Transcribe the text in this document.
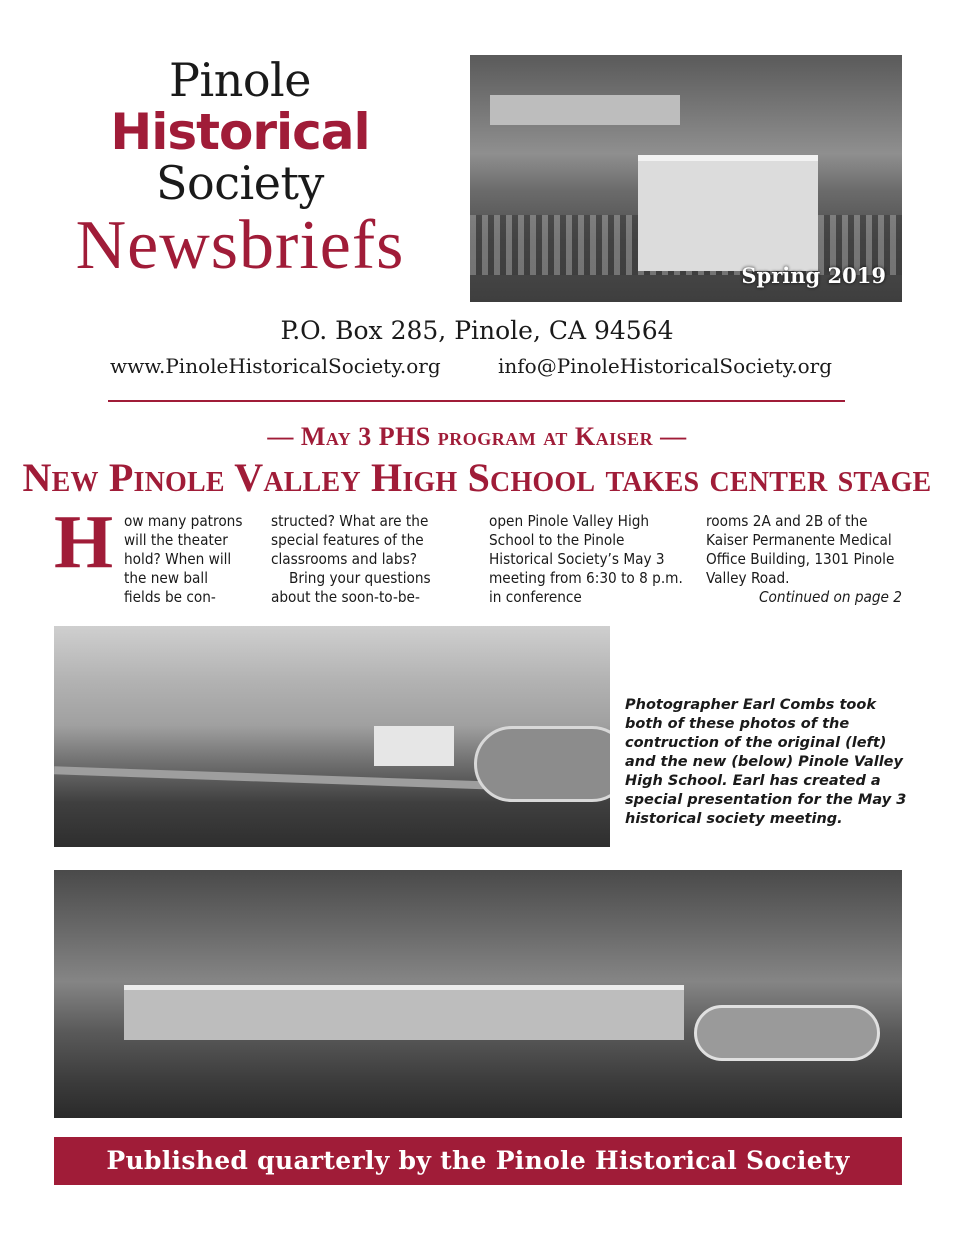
Pinole
Historical
Society
Newsbriefs	Spring 2019
P.O. Box 285, Pinole, CA 94564
www.PinoleHistoricalSociety.org	info@PinoleHistoricalSociety.org
— May 3 PHS program at Kaiser —
New Pinole Valley High School takes center stage
H ow many patrons will the theater hold? When will the new ball fields be con-

structed? What are the special features of the classrooms and labs?

Bring your questions about the soon-to-be-

open Pinole Valley High School to the Pinole Historical Society’s May 3 meeting from 6:30 to 8 p.m. in conference

rooms 2A and 2B of the Kaiser Permanente Medical Office Building, 1301 Pinole Valley Road.

Continued on page 2
Photographer Earl Combs took both of these photos of the contruction of the original (left) and the new (below) Pinole Valley High School. Earl has created a special presentation for the May 3 historical society meeting.
Published quarterly by the Pinole Historical Society
